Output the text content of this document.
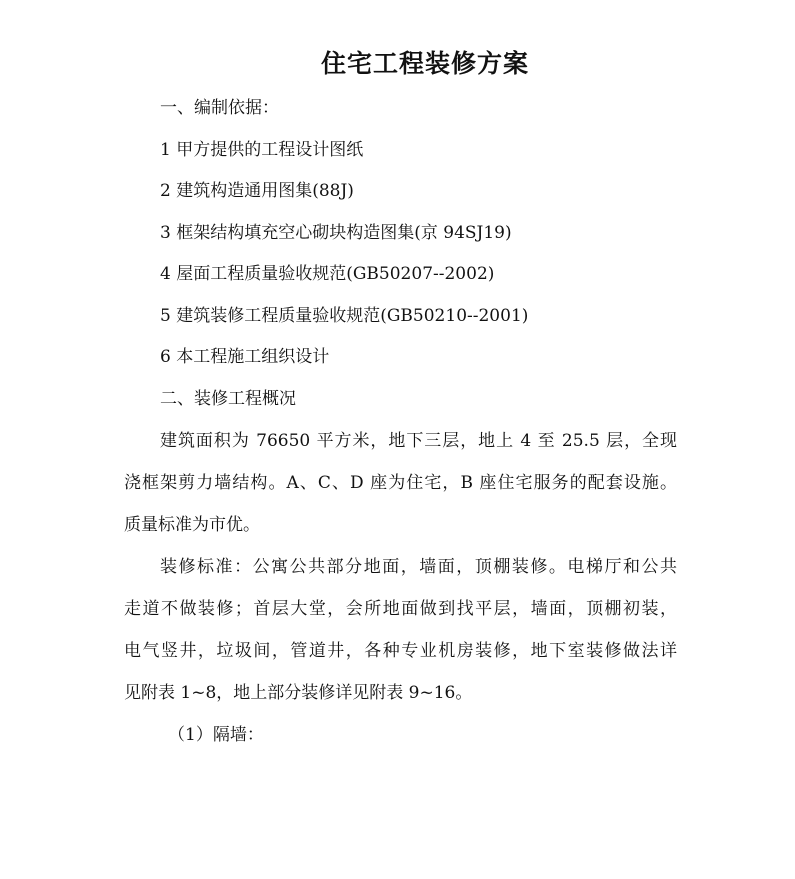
住宅工程装修方案
一、编制依据：
1 甲方提供的工程设计图纸
2 建筑构造通用图集(88J)
3 框架结构填充空心砌块构造图集(京 94SJ19)
4 屋面工程质量验收规范(GB50207--2002)
5 建筑装修工程质量验收规范(GB50210--2001)
6 本工程施工组织设计
二、装修工程概况
建筑面积为 76650 平方米，地下三层，地上 4 至 25.5 层，全现
浇框架剪力墙结构。A、C、D 座为住宅，B 座住宅服务的配套设施。
质量标准为市优。
装修标准：公寓公共部分地面，墙面，顶棚装修。电梯厅和公共
走道不做装修；首层大堂，会所地面做到找平层，墙面，顶棚初装，
电气竖井，垃圾间，管道井，各种专业机房装修，地下室装修做法详
见附表 1~8，地上部分装修详见附表 9~16。
（1）隔墙：
